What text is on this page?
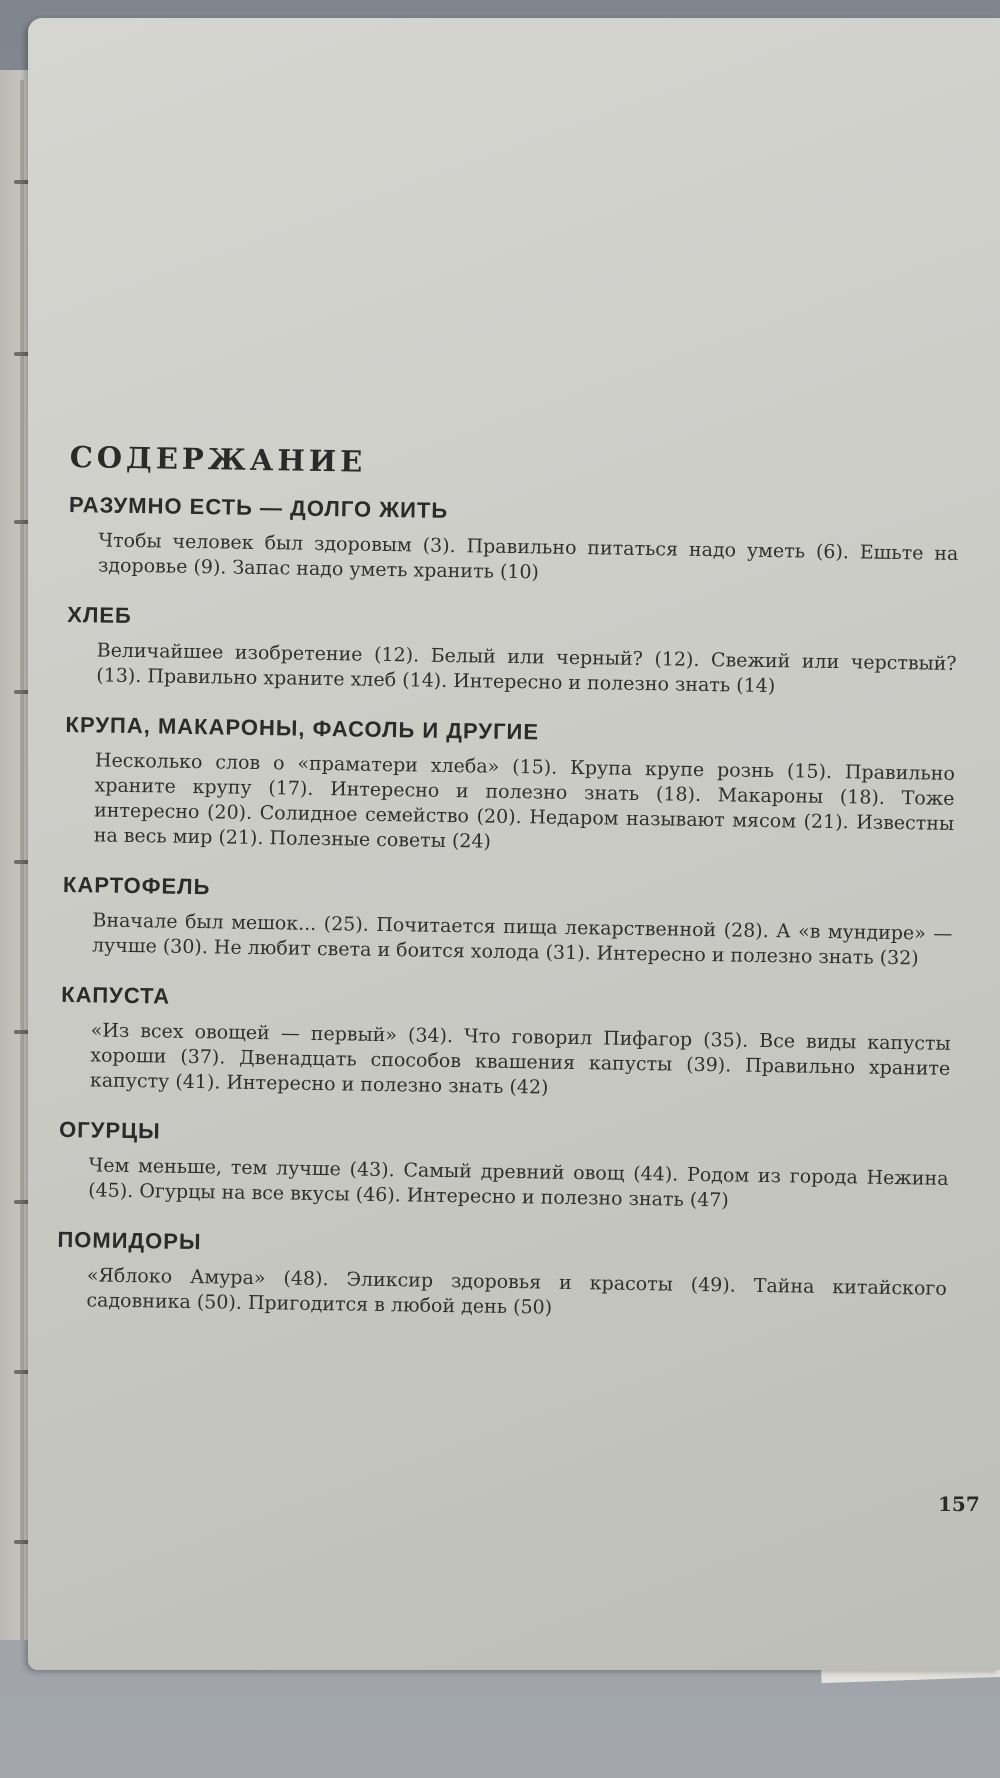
СОДЕРЖАНИЕ
РАЗУМНО ЕСТЬ — ДОЛГО ЖИТЬ

Чтобы человек был здоровым (3). Правильно питаться надо уметь (6). Ешьте на здоровье (9). Запас надо уметь хранить (10)

ХЛЕБ

Величайшее изобретение (12). Белый или черный? (12). Свежий или черствый? (13). Правильно храните хлеб (14). Интересно и полезно знать (14)

КРУПА, МАКАРОНЫ, ФАСОЛЬ И ДРУГИЕ

Несколько слов о «праматери хлеба» (15). Крупа крупе рознь (15). Правильно храните крупу (17). Интересно и полезно знать (18). Макароны (18). Тоже интересно (20). Солидное семейство (20). Недаром называют мясом (21). Известны на весь мир (21). Полезные советы (24)

КАРТОФЕЛЬ

Вначале был мешок... (25). Почитается пища лекарственной (28). А «в мундире» — лучше (30). Не любит света и боится холода (31). Интересно и полезно знать (32)

КАПУСТА

«Из всех овощей — первый» (34). Что говорил Пифагор (35). Все виды капусты хороши (37). Двенадцать способов квашения капусты (39). Правильно храните капусту (41). Интересно и полезно знать (42)

ОГУРЦЫ

Чем меньше, тем лучше (43). Самый древний овощ (44). Родом из города Нежина (45). Огурцы на все вкусы (46). Интересно и полезно знать (47)

ПОМИДОРЫ

«Яблоко Амура» (48). Эликсир здоровья и красоты (49). Тайна китайского садовника (50). Пригодится в любой день (50)

157
